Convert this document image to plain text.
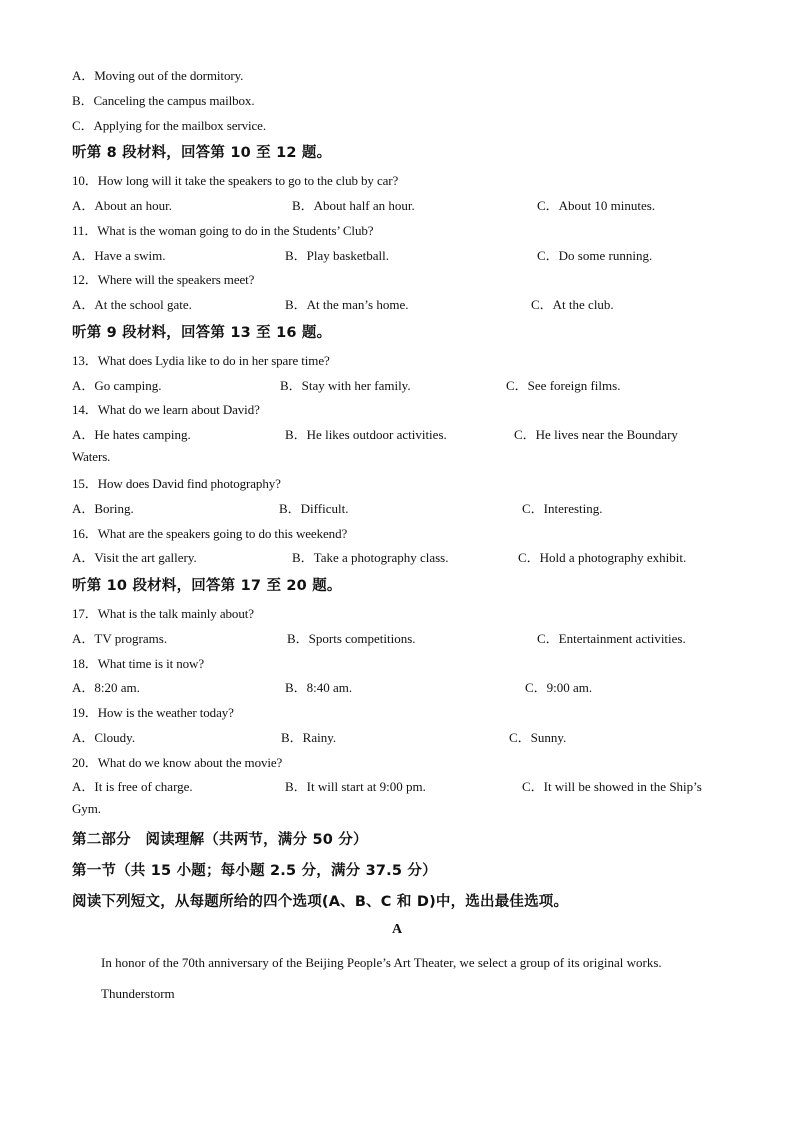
A．Moving out of the dormitory.
B．Canceling the campus mailbox.
C．Applying for the mailbox service.
听第 8 段材料，回答第 10 至 12 题。
10．How long will it take the speakers to go to the club by car?
A．About an hour.	B．About half an hour.	C．About 10 minutes.
11．What is the woman going to do in the Students’ Club?
A．Have a swim.	B．Play basketball.	C．Do some running.
12．Where will the speakers meet?
A．At the school gate.	B．At the man’s home.	C．At the club.
听第 9 段材料，回答第 13 至 16 题。
13．What does Lydia like to do in her spare time?
A．Go camping.	B．Stay with her family.	C．See foreign films.
14．What do we learn about David?
A．He hates camping.	B．He likes outdoor activities.	C．He lives near the Boundary
Waters.
15．How does David find photography?
A．Boring.	B．Difficult.	C．Interesting.
16．What are the speakers going to do this weekend?
A．Visit the art gallery.	B．Take a photography class.	C．Hold a photography exhibit.
听第 10 段材料，回答第 17 至 20 题。
17．What is the talk mainly about?
A．TV programs.	B．Sports competitions.	C．Entertainment activities.
18．What time is it now?
A．8:20 am.	B．8:40 am.	C．9:00 am.
19．How is the weather today?
A．Cloudy.	B．Rainy.	C．Sunny.
20．What do we know about the movie?
A．It is free of charge.	B．It will start at 9:00 pm.	C．It will be showed in the Ship’s
Gym.
第二部分　阅读理解（共两节，满分 50 分）
第一节（共 15 小题；每小题 2.5 分，满分 37.5 分）
阅读下列短文，从每题所给的四个选项(A、B、C 和 D)中，选出最佳选项。
A
In honor of the 70th anniversary of the Beijing People’s Art Theater, we select a group of its original works.
Thunderstorm
